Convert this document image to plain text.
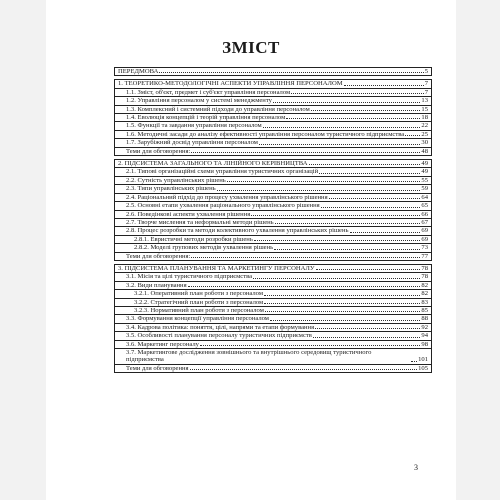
ЗМІСТ
ПЕРЕДМОВА	5

1. ТЕОРЕТИКО-МЕТОДОЛОГІЧНІ АСПЕКТИ УПРАВЛІННЯ ПЕРСОНАЛОМ	7

1.1. Зміст, об'єкт, предмет і суб'єкт управління персоналом	7

1.2. Управління персоналом у системі менеджменту	13

1.3. Комплексний і системний підходи до управління персоналом	15

1.4. Еволюція концепцій і теорій управління персоналом	18

1.5. Функції та завдання управління персоналом	22

1.6. Методичні засади до аналізу ефективності управління персоналом туристичного підприємства	25

1.7. Зарубіжний досвід управління персоналом	30

Теми для обговорення:	48

2. ПІДСИСТЕМА ЗАГАЛЬНОГО ТА ЛІНІЙНОГО КЕРІВНИЦТВА	49

2.1. Типові організаційні схеми управління туристичних організацій	49

2.2. Сутність управлінських рішень	55

2.3. Типи управлінських рішень	59

2.4. Раціональний підхід до процесу ухвалення управлінського рішення	64

2.5. Основні етапи ухвалення раціонального управлінського рішення	65

2.6. Поведінкові аспекти ухвалення рішення	66

2.7. Творче мислення та неформальні методи рішень	67

2.8. Процес розробки та методи колективного ухвалення управлінських рішень	69

2.8.1. Евристичні методи розробки рішень	69

2.8.2. Моделі групових методів ухвалення рішень	73

Теми для обговорення:	77

3. ПІДСИСТЕМА ПЛАНУВАННЯ ТА МАРКЕТИНГУ ПЕРСОНАЛУ	78

3.1. Місія та цілі туристичного підприємства	78

3.2. Види планування	82

3.2.1. Оперативний план роботи з персоналом	82

3.2.2. Стратегічний план роботи з персоналом	83

3.2.3. Нормативний план роботи з персоналом	85

3.3. Формування концепції управління персоналом	88

3.4. Кадрова політика: поняття, цілі, напрями та етапи формування	92

3.5. Особливості планування персоналу туристичних підприємств	94

3.6. Маркетинг персоналу	98

3.7. Маркетингове дослідження зовнішнього та внутрішнього середовищ туристичного підприємства	101

Теми для обговорення	105
3
